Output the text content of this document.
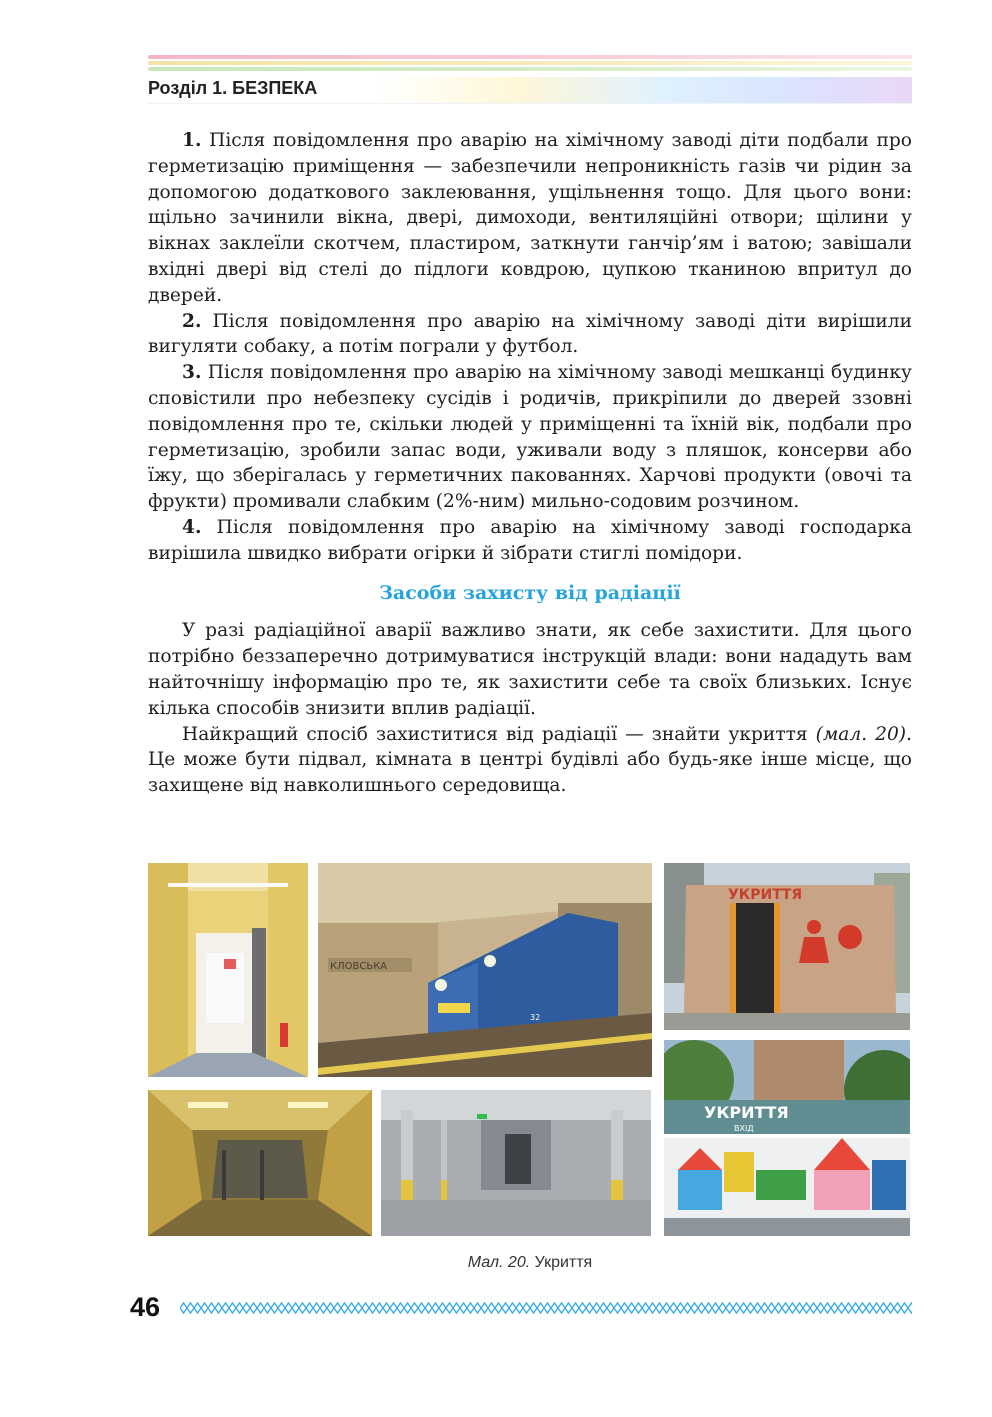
Розділ 1. БЕЗПЕКА

1. Після повідомлення про аварію на хімічному заводі діти подбали про герметизацію приміщення — забезпечили непроникність газів чи рідин за допомогою додаткового заклеювання, ущільнення тощо. Для цього вони: щільно зачинили вікна, двері, димоходи, вентиляційні отвори; щілини у вікнах заклеїли скотчем, пластиром, заткнути ганчір’ям і ватою; завішали вхідні двері від стелі до підлоги ковдрою, цупкою тканиною впритул до дверей.

2. Після повідомлення про аварію на хімічному заводі діти вирішили вигуляти собаку, а потім пограли у футбол.

3. Після повідомлення про аварію на хімічному заводі мешканці будинку сповістили про небезпеку сусідів і родичів, прикріпили до дверей ззовні повідомлення про те, скільки людей у приміщенні та їхній вік, подбали про герметизацію, зробили запас води, уживали воду з пляшок, консерви або їжу, що зберігалась у герметичних пакованнях. Харчові продукти (овочі та фрукти) промивали слабким (2%-ним) мильно-содовим розчином.

4. Після повідомлення про аварію на хімічному заводі господарка вирішила швидко вибрати огірки й зібрати стиглі помідори.

Засоби захисту від радіації

У разі радіаційної аварії важливо знати, як себе захистити. Для цього потрібно беззаперечно дотримуватися інструкцій влади: вони нададуть вам найточнішу інформацію про те, як захистити себе та своїх близьких. Існує кілька способів знизити вплив радіації.

Найкращий спосіб захиститися від радіації — знайти укриття (мал. 20). Це може бути підвал, кімната в центрі будівлі або будь-яке інше місце, що захищене від навколишнього середовища.

КЛОВСЬКА
32
УКРИТТЯ
УКРИТТЯ
ВХІД
Мал. 20. Укриття
46
